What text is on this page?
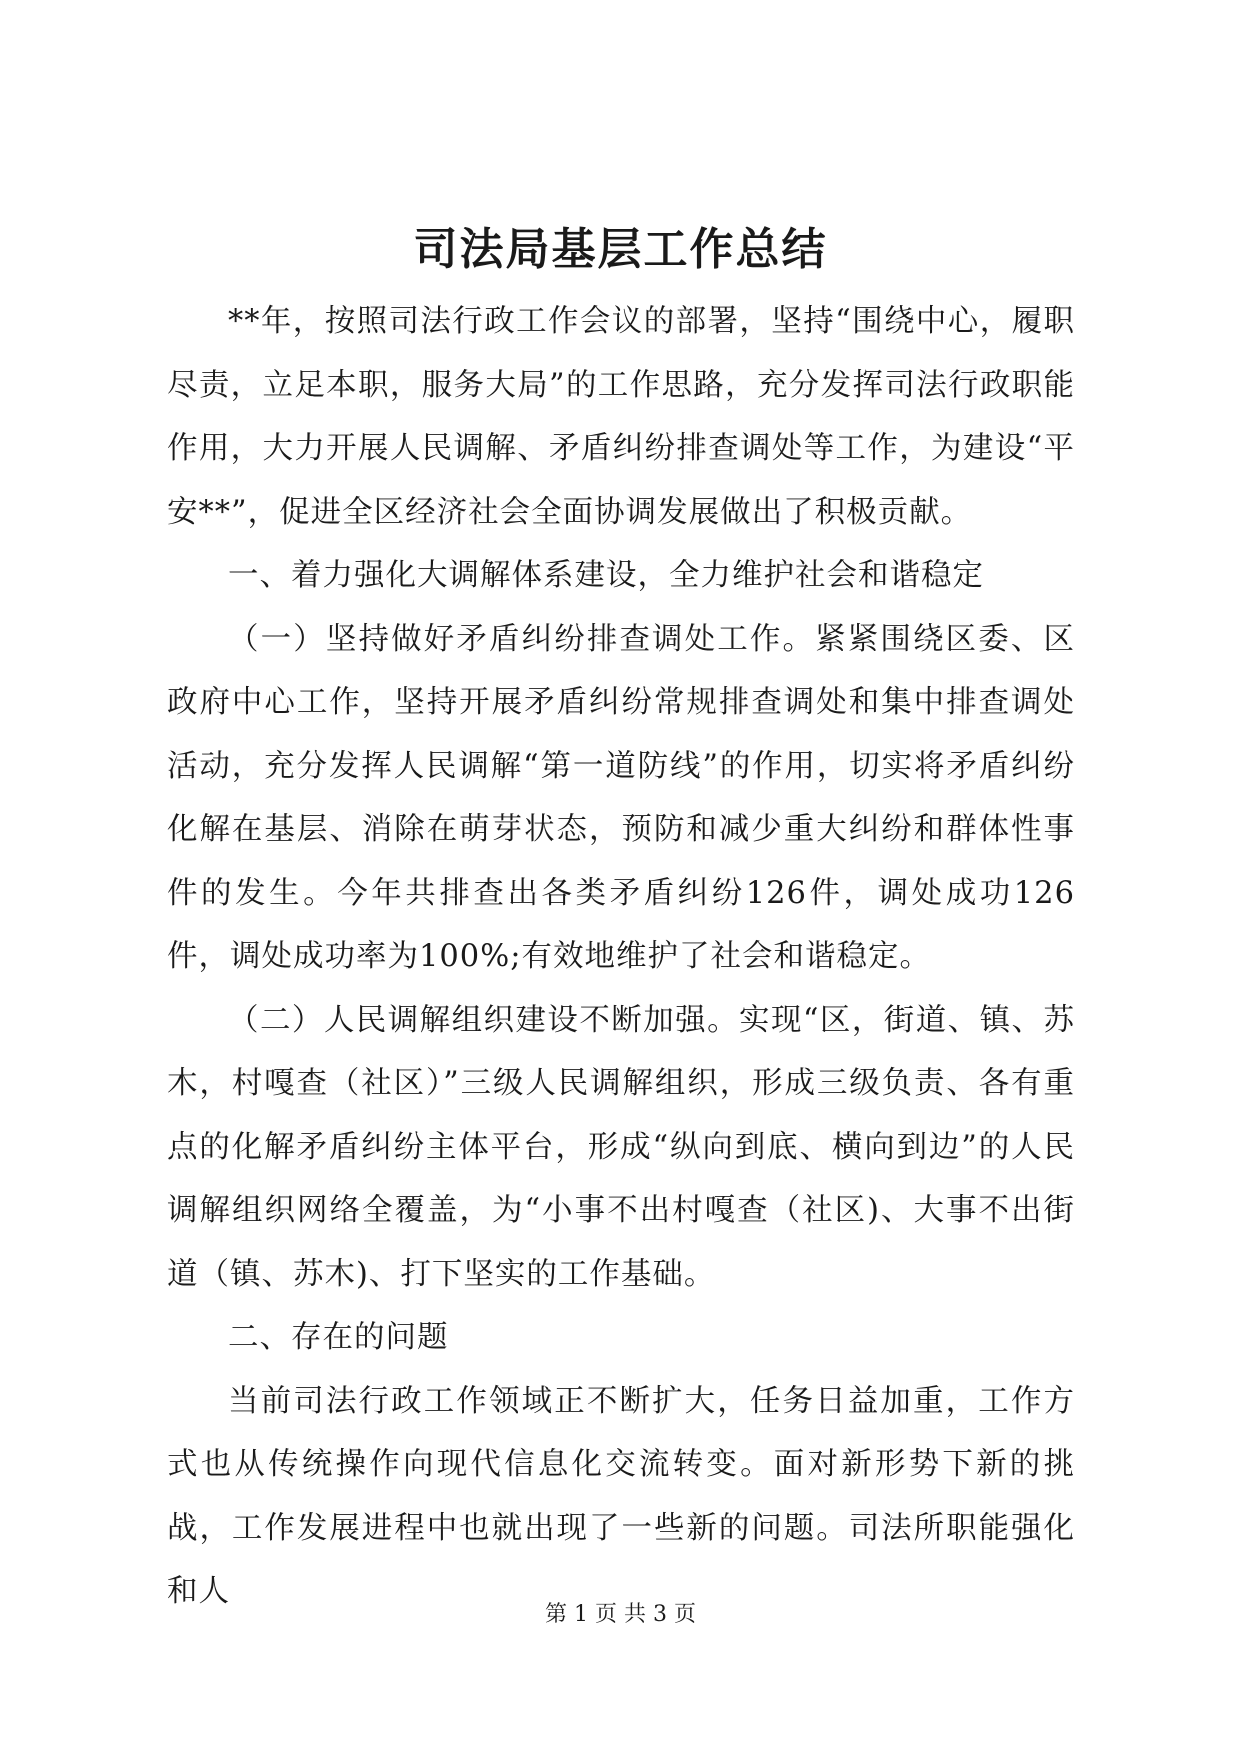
司法局基层工作总结

**年，按照司法行政工作会议的部署，坚持“围绕中心，履职尽责，立足本职，服务大局”的工作思路，充分发挥司法行政职能作用，大力开展人民调解、矛盾纠纷排查调处等工作，为建设“平安**”，促进全区经济社会全面协调发展做出了积极贡献。

一、着力强化大调解体系建设，全力维护社会和谐稳定

（一）坚持做好矛盾纠纷排查调处工作。紧紧围绕区委、区政府中心工作，坚持开展矛盾纠纷常规排查调处和集中排查调处活动，充分发挥人民调解“第一道防线”的作用，切实将矛盾纠纷化解在基层、消除在萌芽状态，预防和减少重大纠纷和群体性事件的发生。今年共排查出各类矛盾纠纷126件，调处成功126件，调处成功率为100%;有效地维护了社会和谐稳定。

（二）人民调解组织建设不断加强。实现“区，街道、镇、苏木，村嘎查（社区）”三级人民调解组织，形成三级负责、各有重点的化解矛盾纠纷主体平台，形成“纵向到底、横向到边”的人民调解组织网络全覆盖，为“小事不出村嘎查（社区)、大事不出街道（镇、苏木)、打下坚实的工作基础。

二、存在的问题

当前司法行政工作领域正不断扩大，任务日益加重，工作方式也从传统操作向现代信息化交流转变。面对新形势下新的挑战，工作发展进程中也就出现了一些新的问题。司法所职能强化和人

第 1 页 共 3 页
